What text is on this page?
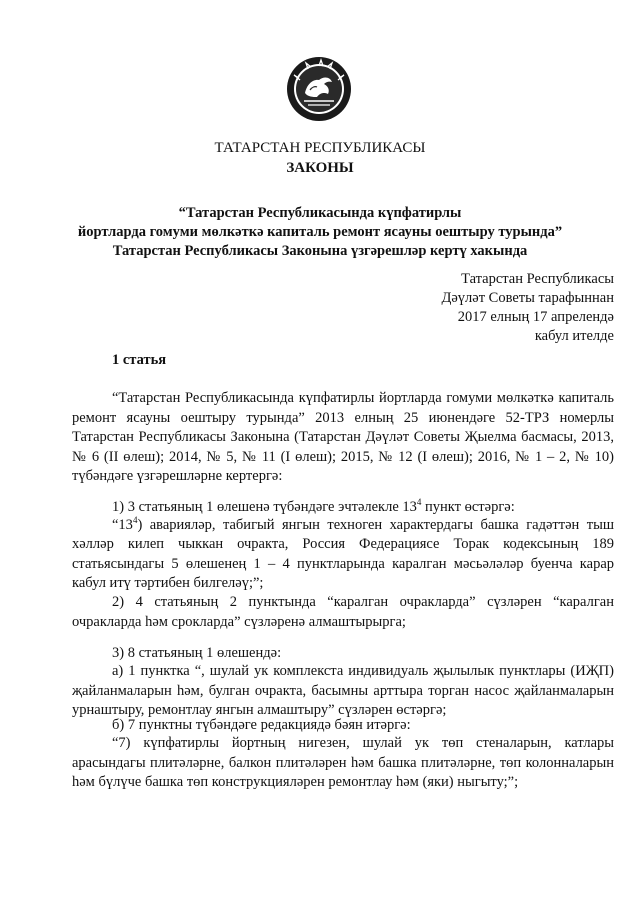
ТАТАРСТАН РЕСПУБЛИКАСЫ
ЗАКОНЫ
“Татарстан Республикасында күпфатирлы
йортларда гомуми мөлкәткә капиталь ремонт ясауны оештыру турында”
Татарстан Республикасы Законына үзгәрешләр кертү хакында
Татарстан Республикасы
Дәүләт Советы тарафыннан
2017 елның 17 апрелендә
кабул ителде
1 статья
“Татарстан Республикасында күпфатирлы йортларда гомуми мөлкәткә капиталь ремонт ясауны оештыру турында” 2013 елның 25 июнендәге 52-ТРЗ номерлы Татарстан Республикасы Законына (Татарстан Дәүләт Советы Җыелма басмасы, 2013, № 6 (II өлеш); 2014, № 5, № 11 (I өлеш); 2015, № 12 (I өлеш); 2016, № 1 – 2, № 10) түбәндәге үзгәрешләрне кертергә:
1) 3 статьяның 1 өлешенә түбәндәге эчтәлекле $13^4$ пункт өстәргә:
“$13^4$) аварияләр, табигый янгын техноген характердагы башка гадәттән тыш хәлләр килеп чыккан очракта, Россия Федерациясе Торак кодексының 189 статьясындагы 5 өлешенең 1 – 4 пунктларында каралган мәсьәләләр буенча карар кабул итү тәртибен билгеләү;”;
2) 4 статьяның 2 пунктында “каралган очракларда” сүзләрен “каралган очракларда һәм срокларда” сүзләренә алмаштырырга;
3) 8 статьяның 1 өлешендә:
а) 1 пунктка “, шулай ук комплекста индивидуаль җылылык пунктлары (ИҖП) җайланмаларын һәм, булган очракта, басымны арттыра торган насос җайланмаларын урнаштыру, ремонтлау янгын алмаштыру” сүзләрен өстәргә;
б) 7 пунктны түбәндәге редакциядә бәян итәргә:
“7) күпфатирлы йортның нигезен, шулай ук төп стеналарын, катлары арасындагы плитәләрне, балкон плитәләрен һәм башка плитәләрне, төп колонналарын һәм бүлүче башка төп конструкцияләрен ремонтлау һәм (яки) ныгыту;”;
